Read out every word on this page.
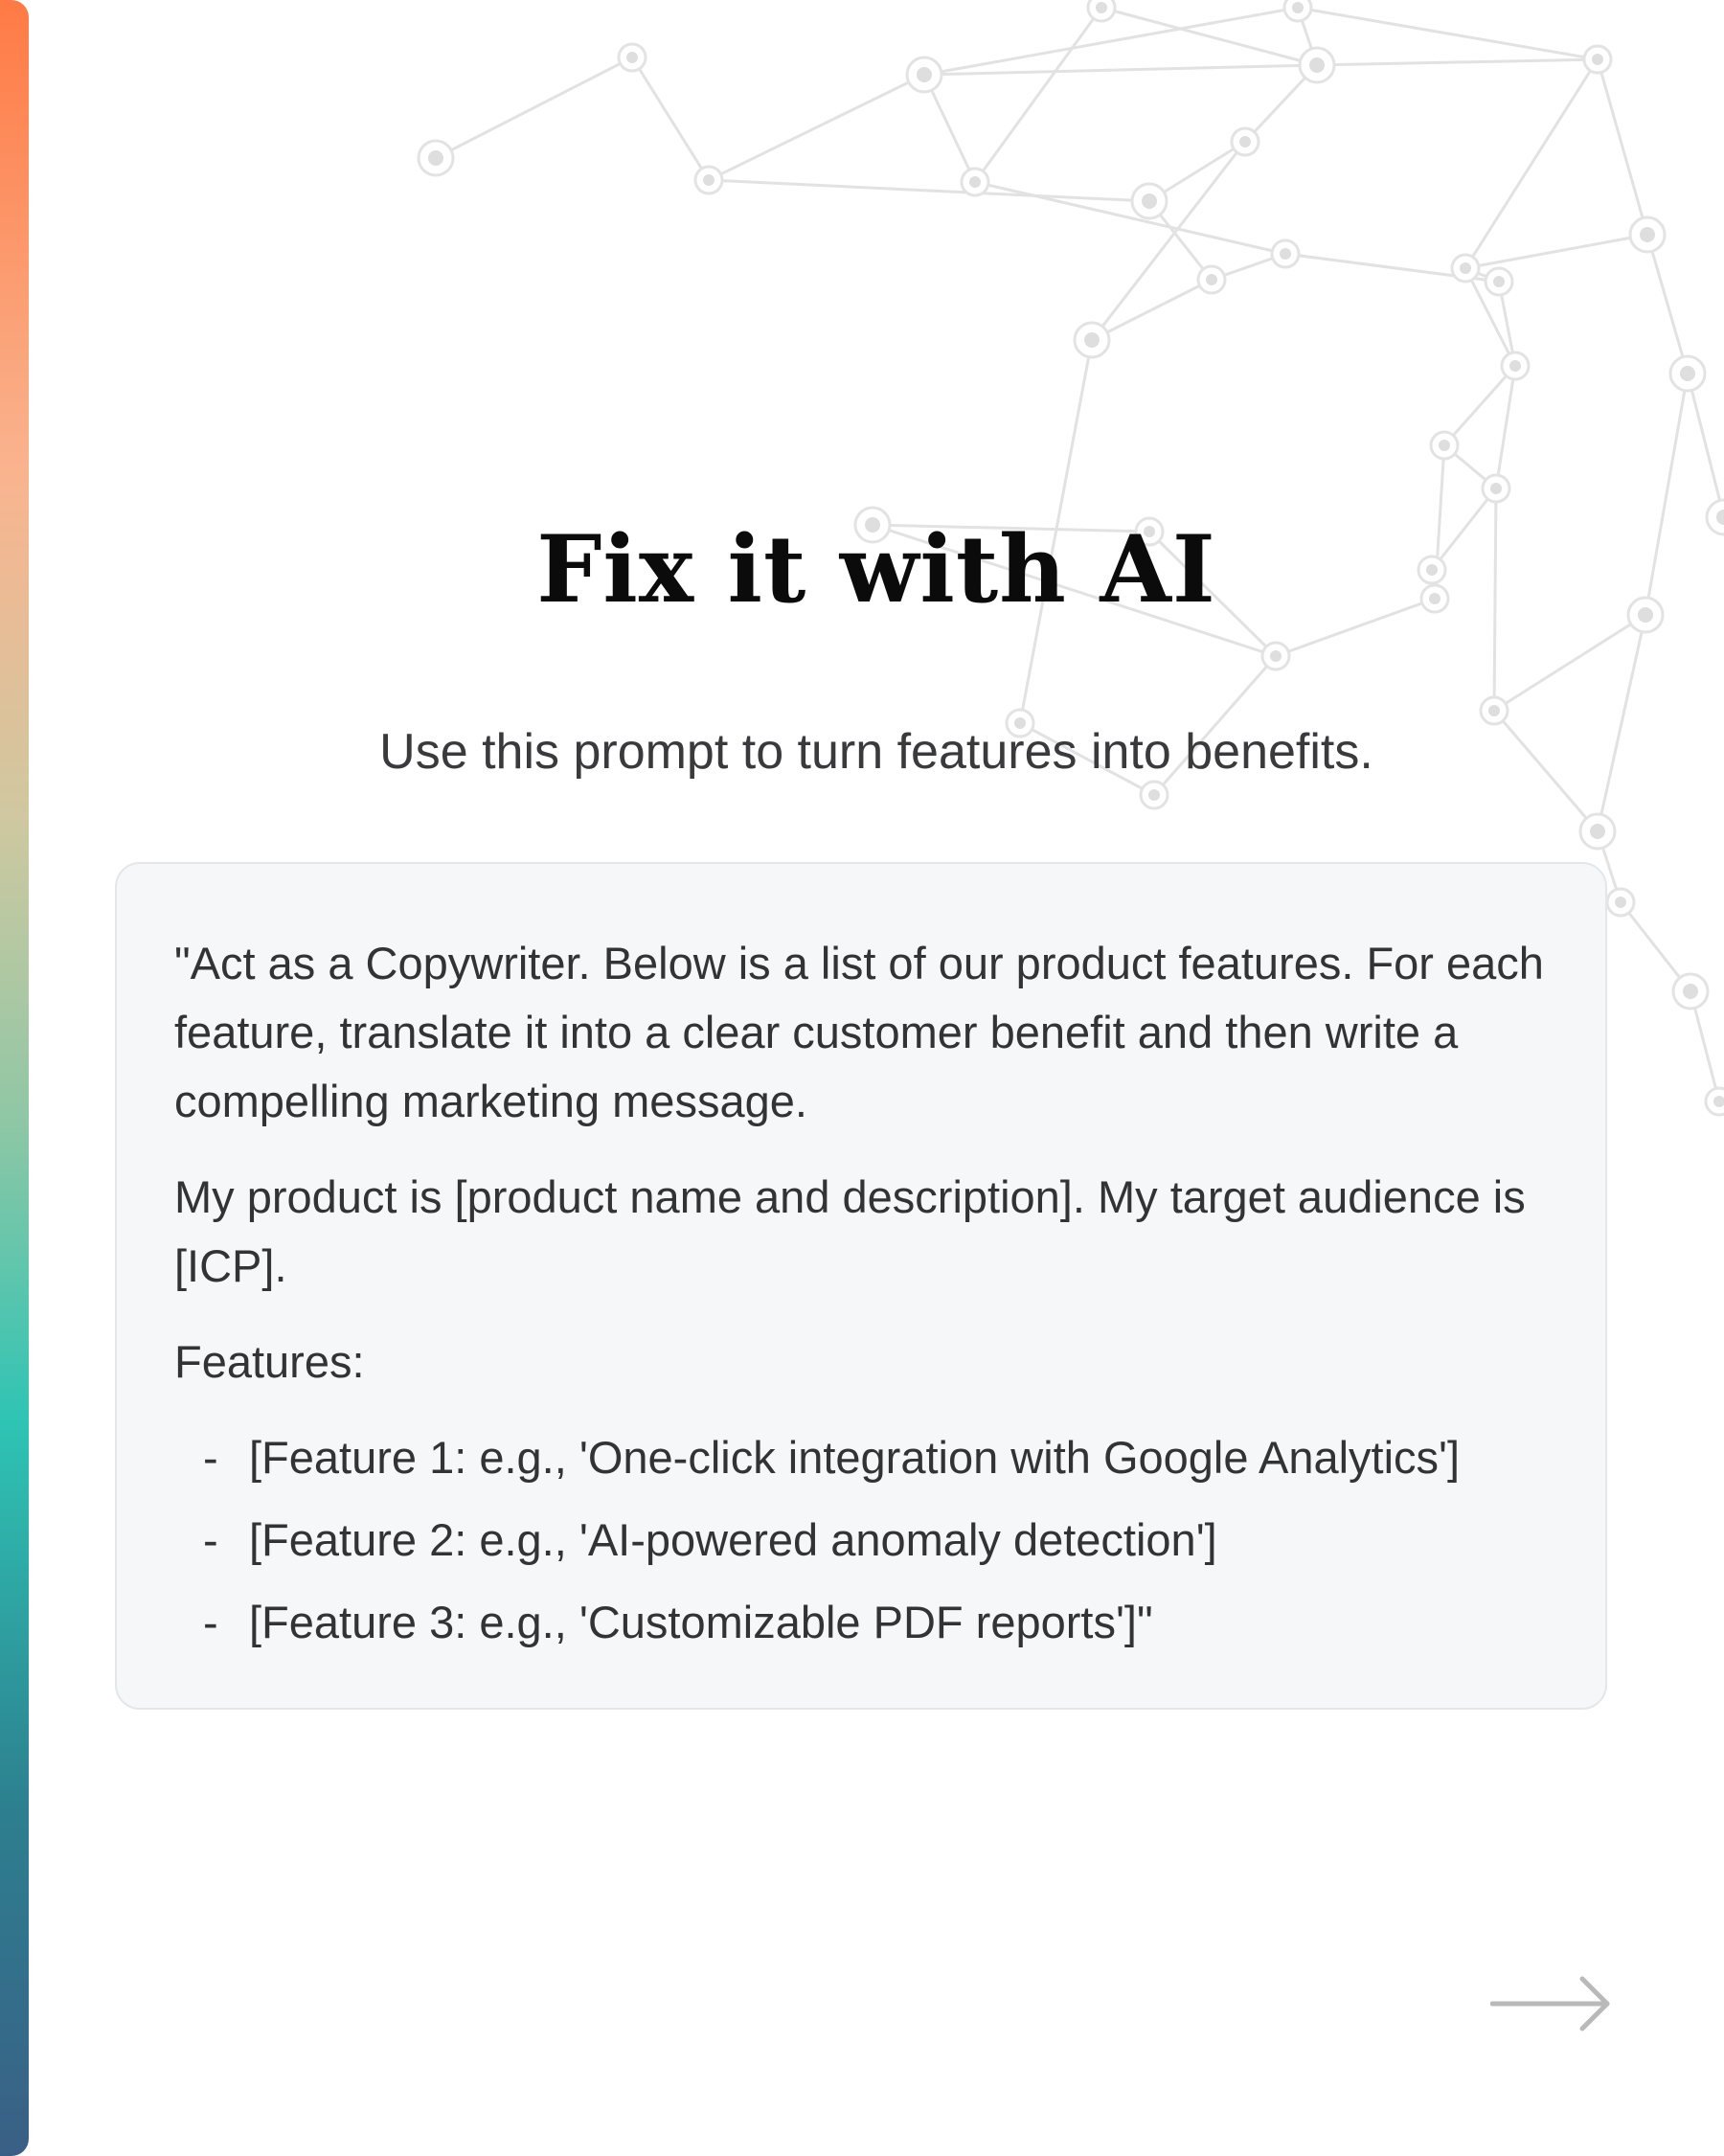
Fix it with AI

Use this prompt to turn features into benefits.

"Act as a Copywriter. Below is a list of our product features. For each feature, translate it into a clear customer benefit and then write a compelling marketing message.

My product is [product name and description]. My target audience is [ICP].

Features:

- [Feature 1: e.g., 'One-click integration with Google Analytics']
- [Feature 2: e.g., 'AI-powered anomaly detection']
- [Feature 3: e.g., 'Customizable PDF reports']"
